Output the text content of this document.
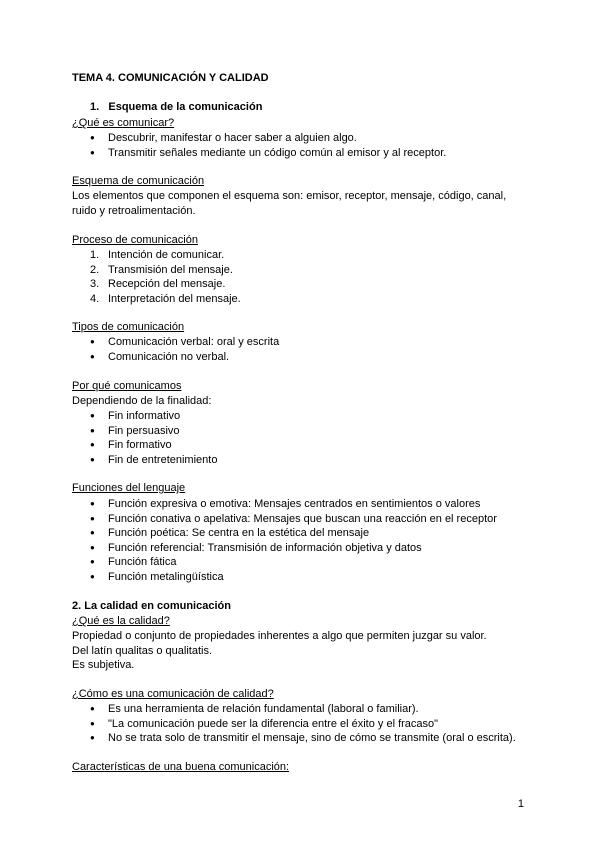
TEMA 4. COMUNICACIÓN Y CALIDAD
1. Esquema de la comunicación
¿Qué es comunicar?
● Descubrir, manifestar o hacer saber a alguien algo.
● Transmitir señales mediante un código común al emisor y al receptor.
Esquema de comunicación
Los elementos que componen el esquema son: emisor, receptor, mensaje, código, canal, ruido y retroalimentación.
Proceso de comunicación
1. Intención de comunicar.
2. Transmisión del mensaje.
3. Recepción del mensaje.
4. Interpretación del mensaje.
Tipos de comunicación
● Comunicación verbal: oral y escrita
● Comunicación no verbal.
Por qué comunicamos
Dependiendo de la finalidad:
● Fin informativo
● Fin persuasivo
● Fin formativo
● Fin de entretenimiento
Funciones del lenguaje
● Función expresiva o emotiva: Mensajes centrados en sentimientos o valores
● Función conativa o apelativa: Mensajes que buscan una reacción en el receptor
● Función poética: Se centra en la estética del mensaje
● Función referencial: Transmisión de información objetiva y datos
● Función fática
● Función metalingüística
2. La calidad en comunicación
¿Qué es la calidad?
Propiedad o conjunto de propiedades inherentes a algo que permiten juzgar su valor.
Del latín qualitas o qualitatis.
Es subjetiva.
¿Cómo es una comunicación de calidad?
● Es una herramienta de relación fundamental (laboral o familiar).
● "La comunicación puede ser la diferencia entre el éxito y el fracaso"
● No se trata solo de transmitir el mensaje, sino de cómo se transmite (oral o escrita).
Características de una buena comunicación:
1
